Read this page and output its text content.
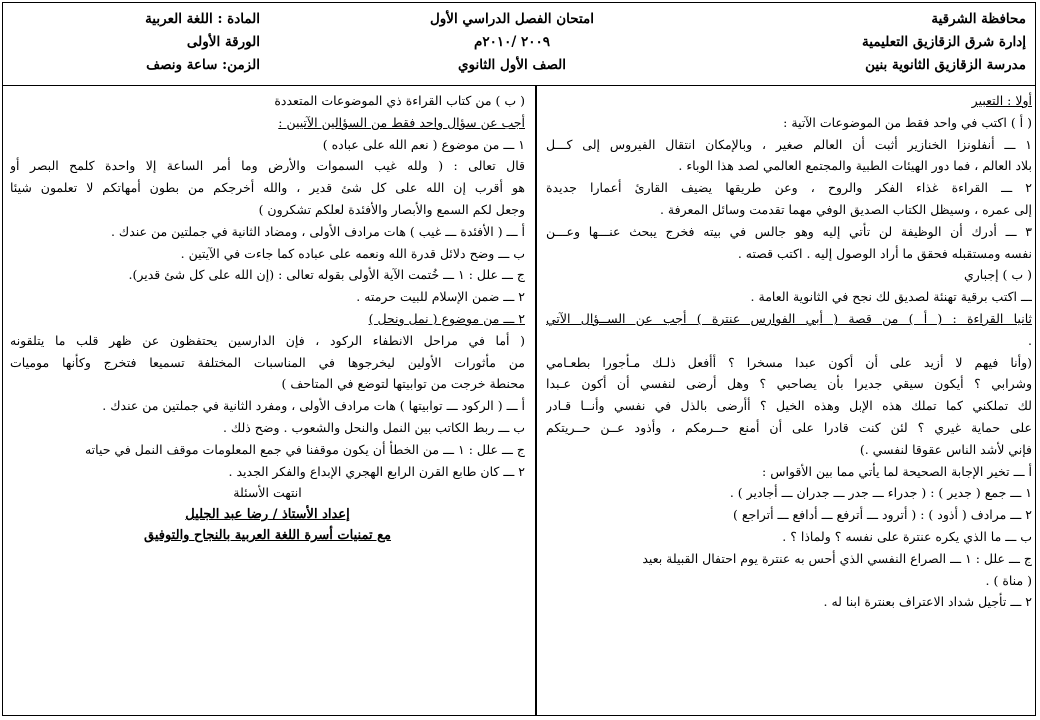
محافظة الشرقية
إدارة شرق الزقازيق التعليمية
مدرسة الزقازيق الثانوية بنين
امتحان الفصل الدراسي الأول
٢٠٠٩ /٢٠١٠م
الصف الأول الثانوي
المادة : اللغة العربية
الورقة الأولى
الزمن: ساعة ونصف
أولا : التعبير
( أ ) اكتب في واحد فقط من الموضوعات الآتية :
١ ـــ أنفلونزا الخنازير أثبت أن العالم صغير ، وبالإمكان انتقال الفيروس إلى كـــل
بلاد العالم ، فما دور الهيئات الطبية والمجتمع العالمي لصد هذا الوباء .
٢ ـــ القراءة غذاء الفكر والروح ، وعن طريقها يضيف القارئ أعمارا جديدة
إلى عمره ، وسيظل الكتاب الصديق الوفي مهما تقدمت وسائل المعرفة .
٣ ـــ أدرك أن الوظيفة لن تأتي إليه وهو جالس في بيته فخرج يبحث عنـــها وعـــن
نفسه ومستقبله فحقق ما أراد الوصول إليه . اكتب قصته .
( ب ) إجباري
ـــ اكتب برقية تهنئة لصديق لك نجح في الثانوية العامة .
ثانيا القراءة : ( أ ) من قصة ( أبي الفوارس عنترة ) أجب عن الســؤال الآتي
.
(وأنا فيهم لا أزيد على أن أكون عبدا مسخرا ؟ أأفعل ذلـك مـأجورا بطعـامي
وشرابي ؟ أيكون سيقي جديرا بأن يصاحبي ؟ وهل أرضى لنفسي أن أكون عـبدا
لك تملكني كما تملك هذه الإبل وهذه الخيل ؟ أأرضى بالذل في نفسي وأنــا قـادر
على حماية غيري ؟ لئن كنت قادرا على أن أمنع حــرمكم ، وأذود عــن حــريتكم
فإني لأشد الناس عقوقا لنفسي .)
أ ـــ تخير الإجابة الصحيحة لما يأتي مما بين الأقواس :
١ ـــ جمع ( جدير ) : ( جدراء ـــ جدر ـــ جدران ـــ أجادير ) .
٢ ـــ مرادف ( أذود ) : ( أترود ـــ أترفع ـــ أدافع ـــ أتراجع )
ب ـــ ما الذي يكره عنترة على نفسه ؟ ولماذا ؟ .
ج ـــ علل : ١ ـــ الصراع النفسي الذي أحس به عنترة يوم احتفال القبيلة بعيد
( مناة ) .
٢ ـــ تأجيل شداد الاعتراف بعنترة ابنا له .
( ب ) من كتاب القراءة ذي الموضوعات المتعددة
أجب عن سؤال واحد فقط من السؤالين الآتيين :
١ ـــ من موضوع ( نعم الله على عباده )
قال تعالى : ( ولله غيب السموات والأرض وما أمر الساعة إلا واحدة كلمح البصر أو
هو أقرب إن الله على كل شئ قدير ، والله أخرجكم من بطون أمهاتكم لا تعلمون شيئا
وجعل لكم السمع والأبصار والأفئدة لعلكم تشكرون )
أ ـــ ( الأفئدة ـــ غيب ) هات مرادف الأولى ، ومضاد الثانية في جملتين من عندك .
ب ـــ وضح دلائل قدرة الله ونعمه على عباده كما جاءت في الآيتين .
ج ـــ علل : ١ ـــ خُتمت الآية الأولى بقوله تعالى : (إن الله على كل شئ قدير).
٢ ـــ ضمن الإسلام للبيت حرمته .
٢ ـــ من موضوع ( نمل ونحل )
( أما في مراحل الانطفاء الركود ، فإن الدارسين يحتفظون عن ظهر قلب ما يتلقونه
من مأثورات الأولين ليخرجوها في المناسبات المختلفة تسميعا فتخرج وكأنها موميات
محنطة خرجت من توابيتها لتوضع في المتاحف )
أ ـــ ( الركود ـــ توابيتها ) هات مرادف الأولى ، ومفرد الثانية في جملتين من عندك .
ب ـــ ربط الكاتب بين النمل والنحل والشعوب . وضح ذلك .
ج ـــ علل : ١ ـــ من الخطأ أن يكون موقفنا في جمع المعلومات موقف النمل في حياته
٢ ـــ كان طابع القرن الرابع الهجري الإبداع والفكر الجديد .
انتهت الأسئلة
إعداد الأستاذ / رضا عبد الجليل
مع تمنيات أسرة اللغة العربية بالنجاح والتوفيق
